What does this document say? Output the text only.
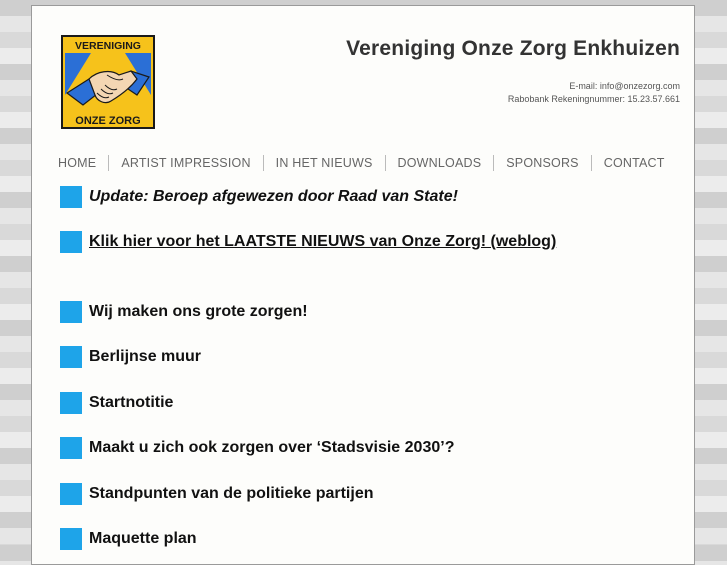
VERENIGING
ONZE ZORG
Vereniging Onze Zorg Enkhuizen
E-mail: info@onzezorg.com
Rabobank Rekeningnummer: 15.23.57.661
HOME	ARTIST IMPRESSION	IN HET NIEUWS	DOWNLOADS	SPONSORS	CONTACT
Update: Beroep afgewezen door Raad van State!
Klik hier voor het LAATSTE NIEUWS van Onze Zorg! (weblog)
Wij maken ons grote zorgen!
Berlijnse muur
Startnotitie
Maakt u zich ook zorgen over ‘Stadsvisie 2030’?
Standpunten van de politieke partijen
Maquette plan
